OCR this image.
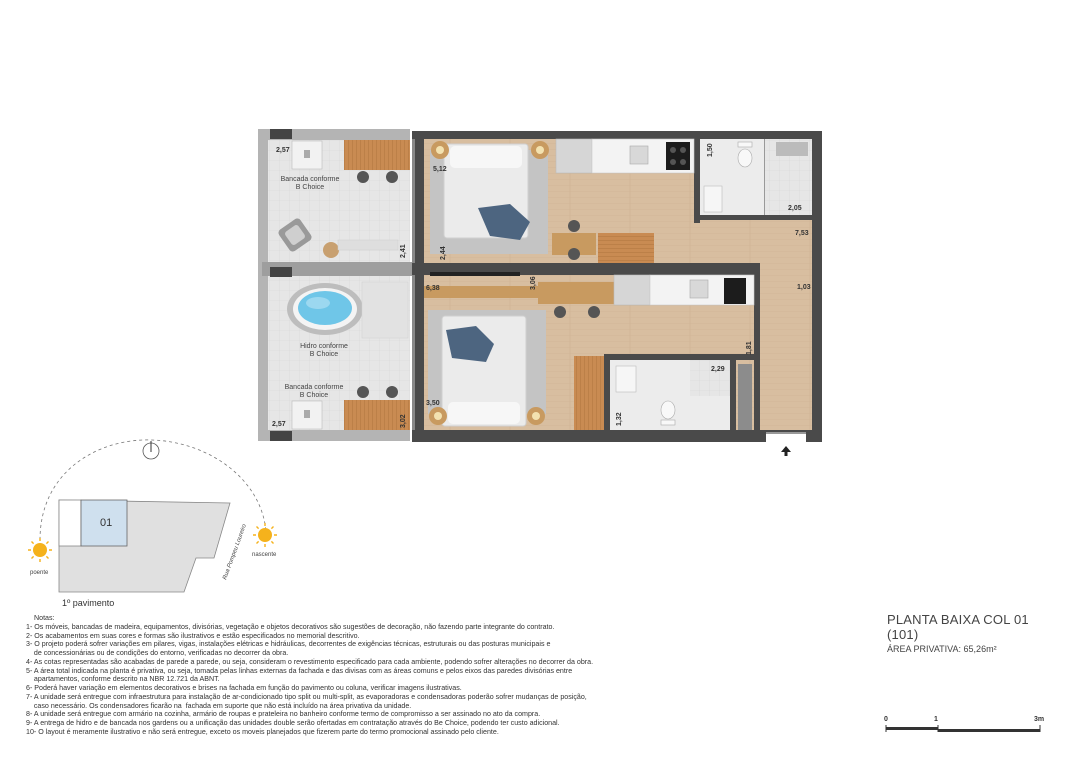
Bancada conforme
B Choice
Hidro conforme
B Choice
Bancada conforme
B Choice
2,57
5,12
1,50
2,05
7,53
2,41	2,44
3,06
6,38	1,03
1,81
2,29
1,32
3,50
3,02
2,57
01
Rua Pompeu Loureiro
poente
nascente
1º pavimento
Notas:
1- Os móveis, bancadas de madeira, equipamentos, divisórias, vegetação e objetos decorativos são sugestões de decoração, não fazendo parte integrante do contrato.
2- Os acabamentos em suas cores e formas são ilustrativos e estão especificados no memorial descritivo.
3- O projeto poderá sofrer variações em pilares, vigas, instalações elétricas e hidráulicas, decorrentes de exigências técnicas, estruturais ou das posturas municipais e
de concessionárias ou de condições do entorno, verificadas no decorrer da obra.
4- As cotas representadas são acabadas de parede a parede, ou seja, consideram o revestimento especificado para cada ambiente, podendo sofrer alterações no decorrer da obra.
5- A área total indicada na planta é privativa, ou seja, tomada pelas linhas externas da fachada e das divisas com as áreas comuns e pelos eixos das paredes divisórias entre
apartamentos, conforme descrito na NBR 12.721 da ABNT.
6- Poderá haver variação em elementos decorativos e brises na fachada em função do pavimento ou coluna, verificar imagens ilustrativas.
7- A unidade será entregue com infraestrutura para instalação de ar-condicionado tipo split ou multi-split, as evaporadoras e condensadoras poderão sofrer mudanças de posição,
caso necessário. Os condensadores ficarão na  fachada em suporte que não está incluído na área privativa da unidade.
8- A unidade será entregue com armário na cozinha, armário de roupas e prateleira no banheiro conforme termo de compromisso a ser assinado no ato da compra.
9- A entrega de hidro e de bancada nos gardens ou a unificação das unidades double serão ofertadas em contratação através do Be Choice, podendo ter custo adicional.
10- O layout é meramente ilustrativo e não será entregue, exceto os moveis planejados que fizerem parte do termo promocional assinado pelo cliente.
PLANTA BAIXA COL 01
(101)
ÁREA PRIVATIVA: 65,26m²
0	1	3m
